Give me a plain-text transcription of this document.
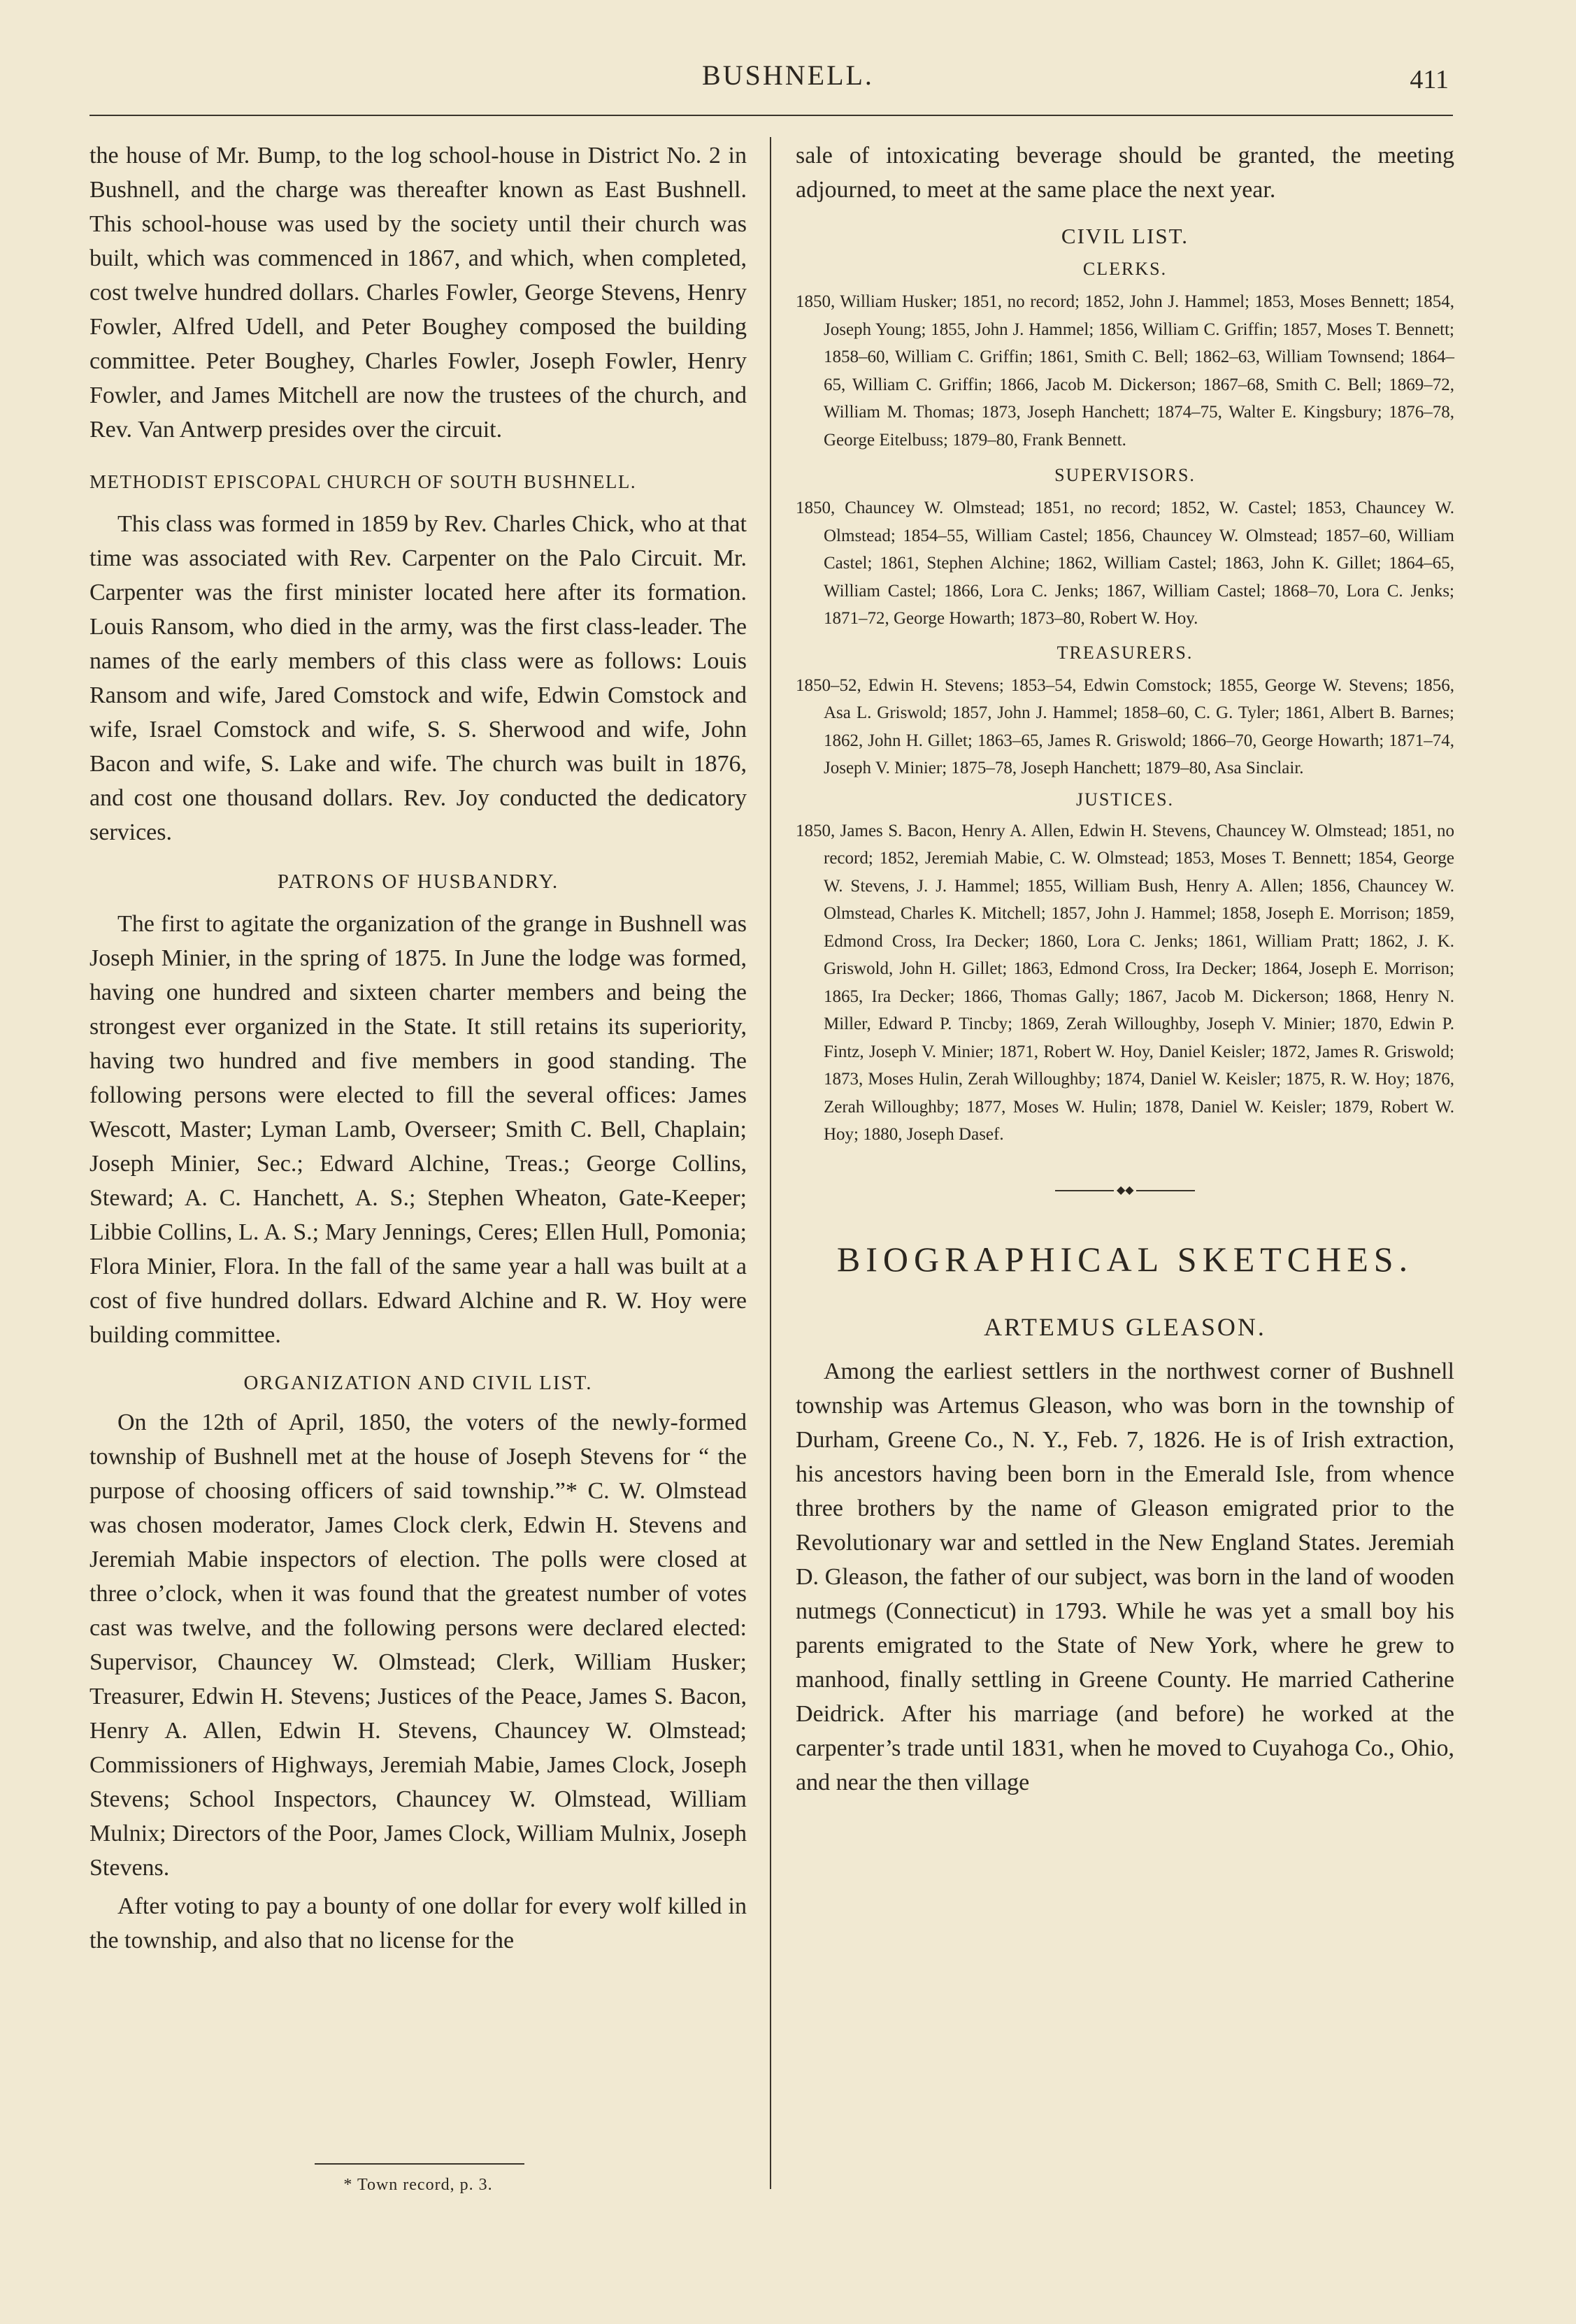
BUSHNELL.	411

the house of Mr. Bump, to the log school-house in District No. 2 in Bushnell, and the charge was thereafter known as East Bushnell. This school-house was used by the society until their church was built, which was commenced in 1867, and which, when completed, cost twelve hundred dollars. Charles Fowler, George Stevens, Henry Fowler, Alfred Udell, and Peter Boughey composed the building committee. Peter Boughey, Charles Fowler, Joseph Fowler, Henry Fowler, and James Mitchell are now the trustees of the church, and Rev. Van Antwerp presides over the circuit.

METHODIST EPISCOPAL CHURCH OF SOUTH BUSHNELL.

This class was formed in 1859 by Rev. Charles Chick, who at that time was associated with Rev. Carpenter on the Palo Circuit. Mr. Carpenter was the first minister located here after its formation. Louis Ransom, who died in the army, was the first class-leader. The names of the early members of this class were as follows: Louis Ransom and wife, Jared Comstock and wife, Edwin Comstock and wife, Israel Comstock and wife, S. S. Sherwood and wife, John Bacon and wife, S. Lake and wife. The church was built in 1876, and cost one thousand dollars. Rev. Joy conducted the dedicatory services.

PATRONS OF HUSBANDRY.

The first to agitate the organization of the grange in Bushnell was Joseph Minier, in the spring of 1875. In June the lodge was formed, having one hundred and sixteen charter members and being the strongest ever organized in the State. It still retains its superiority, having two hundred and five members in good standing. The following persons were elected to fill the several offices: James Wescott, Master; Lyman Lamb, Overseer; Smith C. Bell, Chaplain; Joseph Minier, Sec.; Edward Alchine, Treas.; George Collins, Steward; A. C. Hanchett, A. S.; Stephen Wheaton, Gate-Keeper; Libbie Collins, L. A. S.; Mary Jennings, Ceres; Ellen Hull, Pomonia; Flora Minier, Flora. In the fall of the same year a hall was built at a cost of five hundred dollars. Edward Alchine and R. W. Hoy were building committee.

ORGANIZATION AND CIVIL LIST.

On the 12th of April, 1850, the voters of the newly-formed township of Bushnell met at the house of Joseph Stevens for “ the purpose of choosing officers of said township.”* C. W. Olmstead was chosen moderator, James Clock clerk, Edwin H. Stevens and Jeremiah Mabie inspectors of election. The polls were closed at three o’clock, when it was found that the greatest number of votes cast was twelve, and the following persons were declared elected: Supervisor, Chauncey W. Olmstead; Clerk, William Husker; Treasurer, Edwin H. Stevens; Justices of the Peace, James S. Bacon, Henry A. Allen, Edwin H. Stevens, Chauncey W. Olmstead; Commissioners of Highways, Jeremiah Mabie, James Clock, Joseph Stevens; School Inspectors, Chauncey W. Olmstead, William Mulnix; Directors of the Poor, James Clock, William Mulnix, Joseph Stevens.

After voting to pay a bounty of one dollar for every wolf killed in the township, and also that no license for the

* Town record, p. 3.

sale of intoxicating beverage should be granted, the meeting adjourned, to meet at the same place the next year.

CIVIL LIST.

CLERKS.

1850, William Husker; 1851, no record; 1852, John J. Hammel; 1853, Moses Bennett; 1854, Joseph Young; 1855, John J. Hammel; 1856, William C. Griffin; 1857, Moses T. Bennett; 1858–60, William C. Griffin; 1861, Smith C. Bell; 1862–63, William Townsend; 1864–65, William C. Griffin; 1866, Jacob M. Dickerson; 1867–68, Smith C. Bell; 1869–72, William M. Thomas; 1873, Joseph Hanchett; 1874–75, Walter E. Kingsbury; 1876–78, George Eitelbuss; 1879–80, Frank Bennett.

SUPERVISORS.

1850, Chauncey W. Olmstead; 1851, no record; 1852, W. Castel; 1853, Chauncey W. Olmstead; 1854–55, William Castel; 1856, Chauncey W. Olmstead; 1857–60, William Castel; 1861, Stephen Alchine; 1862, William Castel; 1863, John K. Gillet; 1864–65, William Castel; 1866, Lora C. Jenks; 1867, William Castel; 1868–70, Lora C. Jenks; 1871–72, George Howarth; 1873–80, Robert W. Hoy.

TREASURERS.

1850–52, Edwin H. Stevens; 1853–54, Edwin Comstock; 1855, George W. Stevens; 1856, Asa L. Griswold; 1857, John J. Hammel; 1858–60, C. G. Tyler; 1861, Albert B. Barnes; 1862, John H. Gillet; 1863–65, James R. Griswold; 1866–70, George Howarth; 1871–74, Joseph V. Minier; 1875–78, Joseph Hanchett; 1879–80, Asa Sinclair.

JUSTICES.

1850, James S. Bacon, Henry A. Allen, Edwin H. Stevens, Chauncey W. Olmstead; 1851, no record; 1852, Jeremiah Mabie, C. W. Olmstead; 1853, Moses T. Bennett; 1854, George W. Stevens, J. J. Hammel; 1855, William Bush, Henry A. Allen; 1856, Chauncey W. Olmstead, Charles K. Mitchell; 1857, John J. Hammel; 1858, Joseph E. Morrison; 1859, Edmond Cross, Ira Decker; 1860, Lora C. Jenks; 1861, William Pratt; 1862, J. K. Griswold, John H. Gillet; 1863, Edmond Cross, Ira Decker; 1864, Joseph E. Morrison; 1865, Ira Decker; 1866, Thomas Gally; 1867, Jacob M. Dickerson; 1868, Henry N. Miller, Edward P. Tincby; 1869, Zerah Willoughby, Joseph V. Minier; 1870, Edwin P. Fintz, Joseph V. Minier; 1871, Robert W. Hoy, Daniel Keisler; 1872, James R. Griswold; 1873, Moses Hulin, Zerah Willoughby; 1874, Daniel W. Keisler; 1875, R. W. Hoy; 1876, Zerah Willoughby; 1877, Moses W. Hulin; 1878, Daniel W. Keisler; 1879, Robert W. Hoy; 1880, Joseph Dasef.

◆◆

BIOGRAPHICAL SKETCHES.

ARTEMUS GLEASON.

Among the earliest settlers in the northwest corner of Bushnell township was Artemus Gleason, who was born in the township of Durham, Greene Co., N. Y., Feb. 7, 1826. He is of Irish extraction, his ancestors having been born in the Emerald Isle, from whence three brothers by the name of Gleason emigrated prior to the Revolutionary war and settled in the New England States. Jeremiah D. Gleason, the father of our subject, was born in the land of wooden nutmegs (Connecticut) in 1793. While he was yet a small boy his parents emigrated to the State of New York, where he grew to manhood, finally settling in Greene County. He married Catherine Deidrick. After his marriage (and before) he worked at the carpenter’s trade until 1831, when he moved to Cuyahoga Co., Ohio, and near the then village
